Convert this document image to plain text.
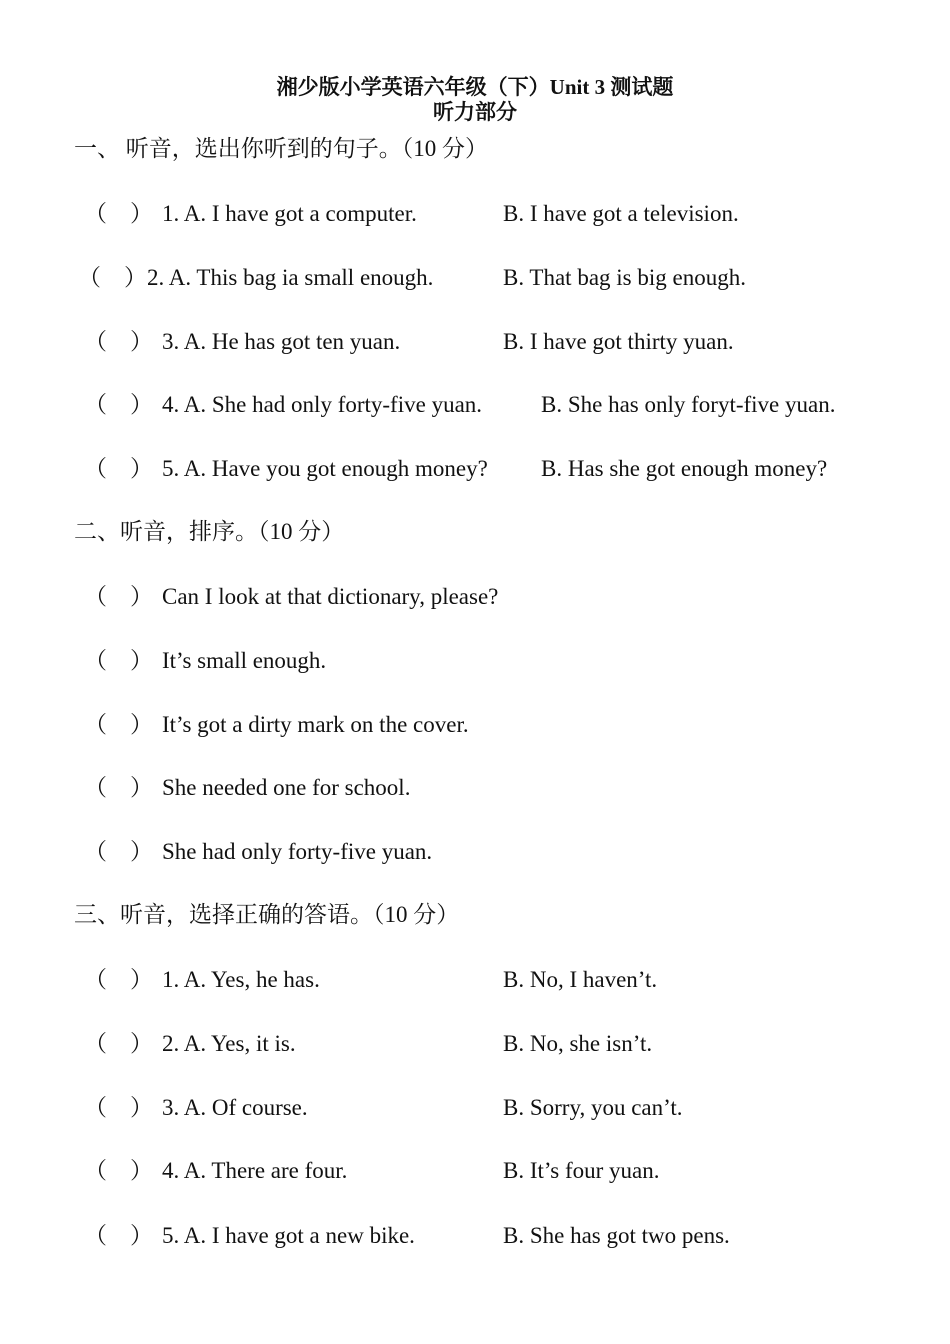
湘少版小学英语六年级（下）Unit 3 测试题
听力部分
一、 听音，选出你听到的句子。（10 分）
（ ） 1. A. I have got a computer.	B. I have got a television.
（ ） 2. A. This bag ia small enough.	B. That bag is big enough.
（ ） 3. A. He has got ten yuan.	B. I have got thirty yuan.
（ ） 4. A. She had only forty-five yuan.	B. She has only foryt-five yuan.
（ ） 5. A. Have you got enough money? B. Has she got enough money?
二、听音，排序。（10 分）
（ ） Can I look at that dictionary, please?
（ ） It’s small enough.
（ ） It’s got a dirty mark on the cover.
（ ） She needed one for school.
（ ） She had only forty-five yuan.
三、听音，选择正确的答语。（10 分）
（ ） 1. A. Yes, he has.	B. No, I haven’t.
（ ） 2. A. Yes, it is.	B. No, she isn’t.
（ ） 3. A. Of course.	B. Sorry, you can’t.
（ ） 4. A. There are four.	B. It’s four yuan.
（ ） 5. A. I have got a new bike.	B. She has got two pens.
